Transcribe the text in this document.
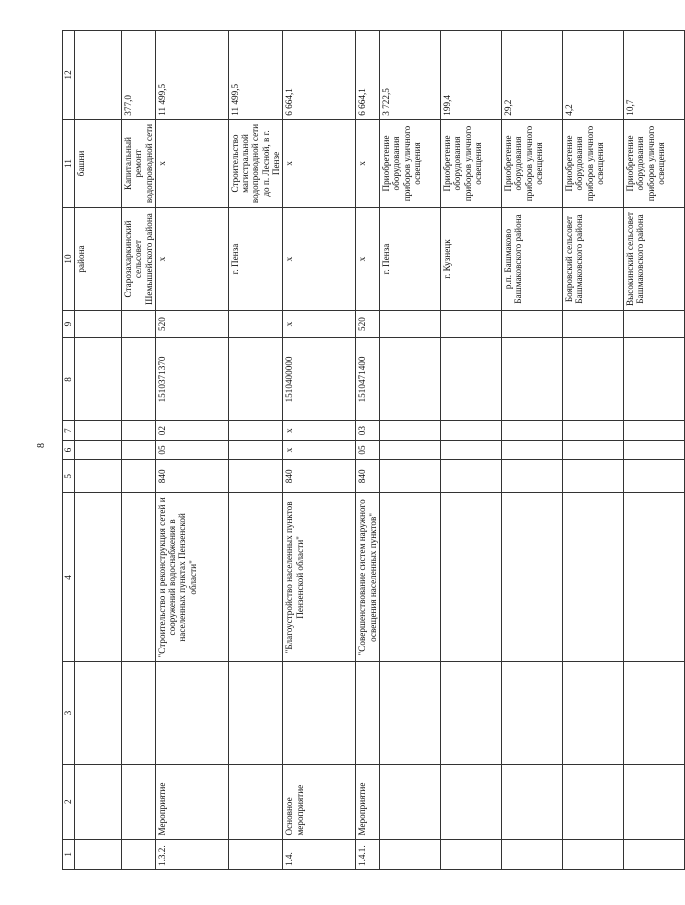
8
1	2	3	4	5	6	7	8	9	10	11	12
									района	башни	
									Старозахаркинский сельсовет Шемышейского района	Капитальный ремонт водопроводной сети	377,0
1.3.2.	Мероприятие		"Строительство и реконструкция сетей и сооружений водоснабжения в населенных пунктах Пензенской области"	840	05	02	1510371370	520	х	х	11 499,5
									г. Пенза	Строительство магистральной водопроводной сети до п. Лесной, в г. Пензе	11 499,5
1.4.	Основное мероприятие		"Благоустройство населенных пунктов Пензенской области"	840	х	х	1510400000	х	х	х	6 664,1
1.4.1.	Мероприятие		"Совершенствование систем наружного освещения населенных пунктов"	840	05	03	1510471400	520	х	х	6 664,1
									г. Пенза	Приобретение оборудования приборов уличного освещения	3 722,5
									г. Кузнецк	Приобретение оборудования приборов уличного освещения	199,4
									р.п. Башмаково Башмаковского района	Приобретение оборудования приборов уличного освещения	29,2
									Бояровский сельсовет Башмаковского района	Приобретение оборудования приборов уличного освещения	4,2
									Высокинский сельсовет Башмаковского района	Приобретение оборудования приборов уличного освещения	10,7
